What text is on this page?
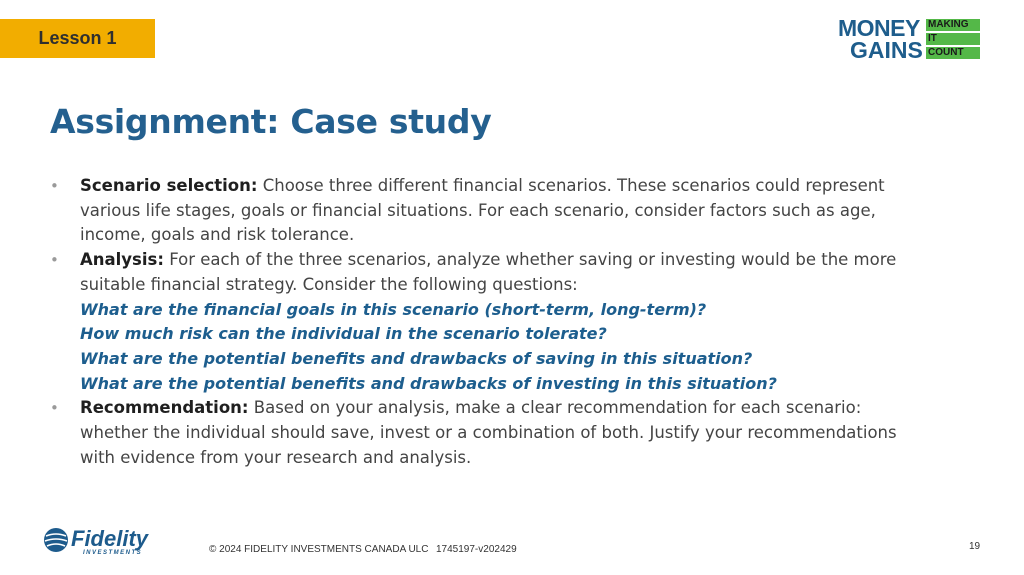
Lesson 1	MONEY
GAINS
MAKING
IT
COUNT
Assignment: Case study
• Scenario selection: Choose three different financial scenarios. These scenarios could represent various life stages, goals or financial situations. For each scenario, consider factors such as age, income, goals and risk tolerance.
• Analysis: For each of the three scenarios, analyze whether saving or investing would be the more suitable financial strategy. Consider the following questions:
What are the financial goals in this scenario (short-term, long-term)?
How much risk can the individual in the scenario tolerate?
What are the potential benefits and drawbacks of saving in this situation?
What are the potential benefits and drawbacks of investing in this situation?
• Recommendation: Based on your analysis, make a clear recommendation for each scenario: whether the individual should save, invest or a combination of both. Justify your recommendations with evidence from your research and analysis.
Fidelity
INVESTMENTS	© 2024 FIDELITY INVESTMENTS CANADA ULC 1745197-v202429	19
